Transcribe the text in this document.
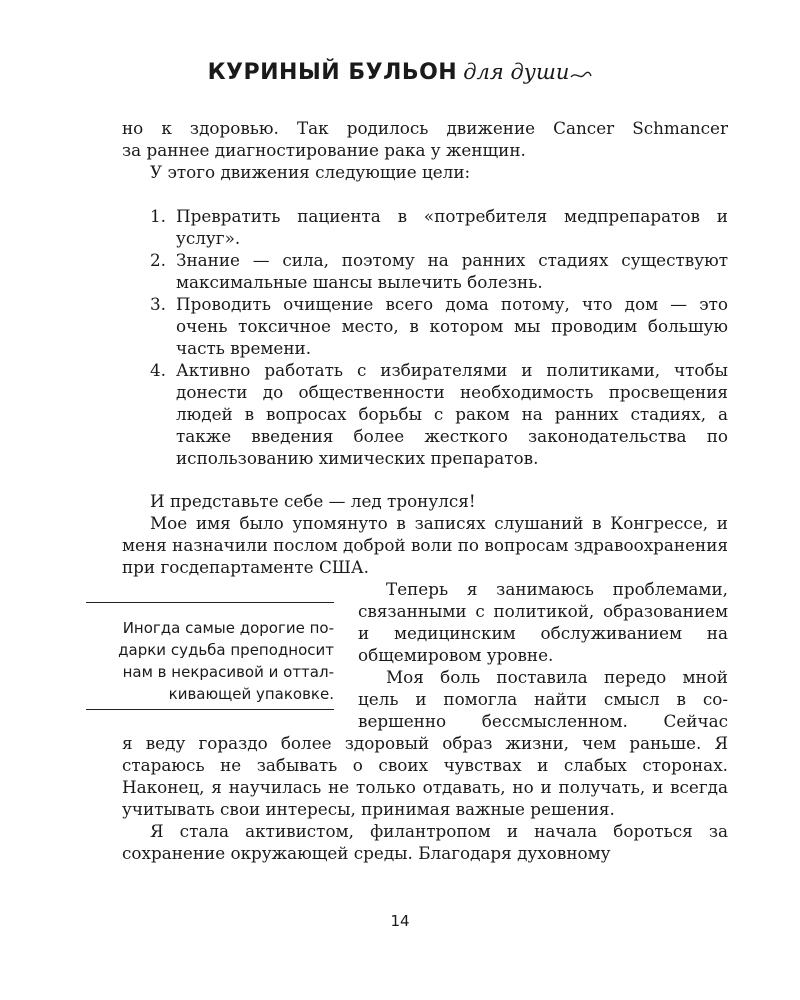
КУРИНЫЙ БУЛЬОН для души
но к здоровью. Так родилось движение Cancer Schmancer
за раннее диагностирование рака у женщин.
У этого движения следующие цели:
1. Превратить пациента в «потребителя медпрепаратов и услуг».
2. Знание — сила, поэтому на ранних стадиях существуют максимальные шансы вылечить болезнь.
3. Проводить очищение всего дома потому, что дом — это очень токсичное место, в котором мы проводим большую часть времени.
4. Активно работать с избирателями и политиками, чтобы донести до общественности необходимость просвещения людей в вопросах борьбы с раком на ранних стадиях, а также введения более жесткого законодательства по использованию химических препаратов.
И представьте себе — лед тронулся!
Мое имя было упомянуто в записях слушаний в Конгрессе, и меня назначили послом доброй воли по вопросам здравоохранения при госдепартаменте США.
Теперь я занимаюсь проблемами, связанными с политикой, образованием и медицинским обслуживанием на общемировом уровне.
Моя боль поставила передо мной цель и помогла найти смысл в совершенно бессмысленном. Сейчас
Иногда самые дорогие по-
дарки судьба преподносит
нам в некрасивой и оттал-
кивающей упаковке.
я веду гораздо более здоровый образ жизни, чем раньше. Я стараюсь не забывать о своих чувствах и слабых сторонах. Наконец, я научилась не только отдавать, но и получать, и всегда учитывать свои интересы, принимая важные решения.
Я стала активистом, филантропом и начала бороться за сохранение окружающей среды. Благодаря духовному
14
